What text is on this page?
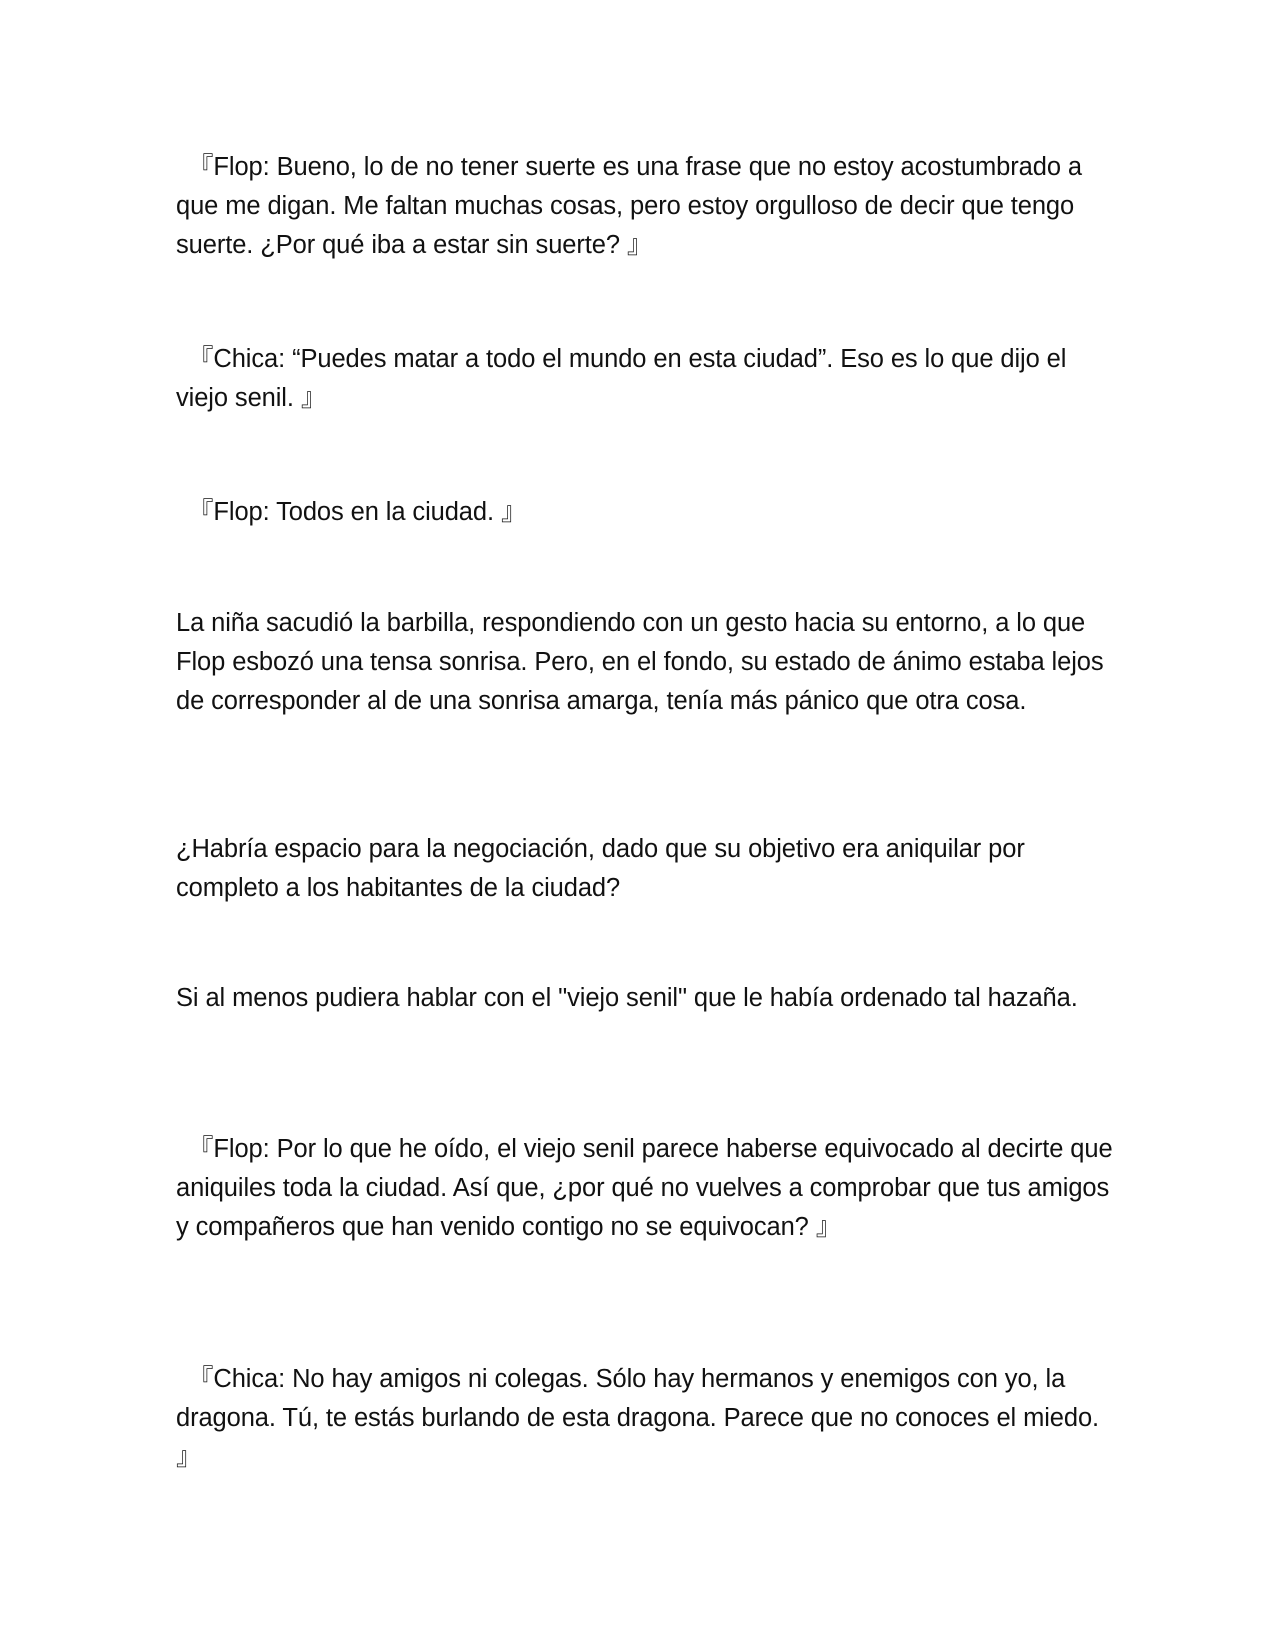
『Flop: Bueno, lo de no tener suerte es una frase que no estoy acostumbrado a que me digan. Me faltan muchas cosas, pero estoy orgulloso de decir que tengo suerte. ¿Por qué iba a estar sin suerte? 』

『Chica: “Puedes matar a todo el mundo en esta ciudad”. Eso es lo que dijo el viejo senil. 』

『Flop: Todos en la ciudad. 』

La niña sacudió la barbilla, respondiendo con un gesto hacia su entorno, a lo que Flop esbozó una tensa sonrisa. Pero, en el fondo, su estado de ánimo estaba lejos de corresponder al de una sonrisa amarga, tenía más pánico que otra cosa.

¿Habría espacio para la negociación, dado que su objetivo era aniquilar por completo a los habitantes de la ciudad?

Si al menos pudiera hablar con el "viejo senil" que le había ordenado tal hazaña.

『Flop: Por lo que he oído, el viejo senil parece haberse equivocado al decirte que aniquiles toda la ciudad. Así que, ¿por qué no vuelves a comprobar que tus amigos y compañeros que han venido contigo no se equivocan? 』

『Chica: No hay amigos ni colegas. Sólo hay hermanos y enemigos con yo, la dragona. Tú, te estás burlando de esta dragona. Parece que no conoces el miedo. 』
